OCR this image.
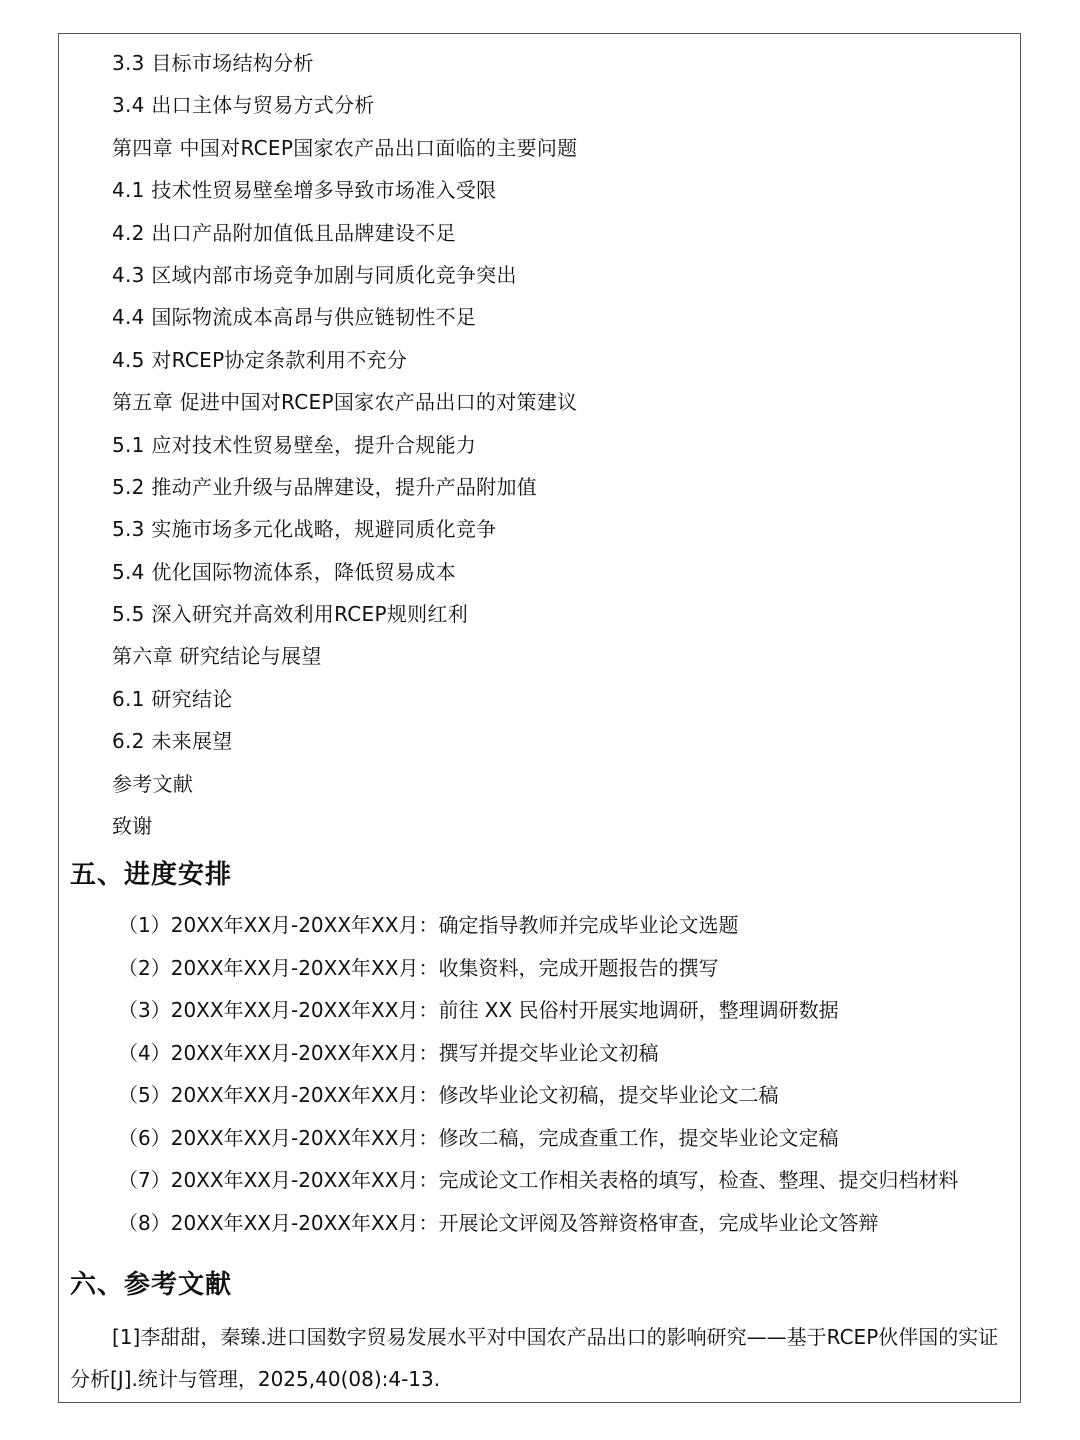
3.3 目标市场结构分析
3.4 出口主体与贸易方式分析
第四章 中国对RCEP国家农产品出口面临的主要问题
4.1 技术性贸易壁垒增多导致市场准入受限
4.2 出口产品附加值低且品牌建设不足
4.3 区域内部市场竞争加剧与同质化竞争突出
4.4 国际物流成本高昂与供应链韧性不足
4.5 对RCEP协定条款利用不充分
第五章 促进中国对RCEP国家农产品出口的对策建议
5.1 应对技术性贸易壁垒，提升合规能力
5.2 推动产业升级与品牌建设，提升产品附加值
5.3 实施市场多元化战略，规避同质化竞争
5.4 优化国际物流体系，降低贸易成本
5.5 深入研究并高效利用RCEP规则红利
第六章 研究结论与展望
6.1 研究结论
6.2 未来展望
参考文献
致谢
五、进度安排
（1）20XX年XX月-20XX年XX月：确定指导教师并完成毕业论文选题
（2）20XX年XX月-20XX年XX月：收集资料，完成开题报告的撰写
（3）20XX年XX月-20XX年XX月：前往 XX 民俗村开展实地调研，整理调研数据
（4）20XX年XX月-20XX年XX月：撰写并提交毕业论文初稿
（5）20XX年XX月-20XX年XX月：修改毕业论文初稿，提交毕业论文二稿
（6）20XX年XX月-20XX年XX月：修改二稿，完成查重工作，提交毕业论文定稿
（7）20XX年XX月-20XX年XX月：完成论文工作相关表格的填写，检查、整理、提交归档材料
（8）20XX年XX月-20XX年XX月：开展论文评阅及答辩资格审查，完成毕业论文答辩
六、参考文献
[1]李甜甜，秦臻.进口国数字贸易发展水平对中国农产品出口的影响研究——基于RCEP伙伴国的实证分析[J].统计与管理，2025,40(08):4-13.
